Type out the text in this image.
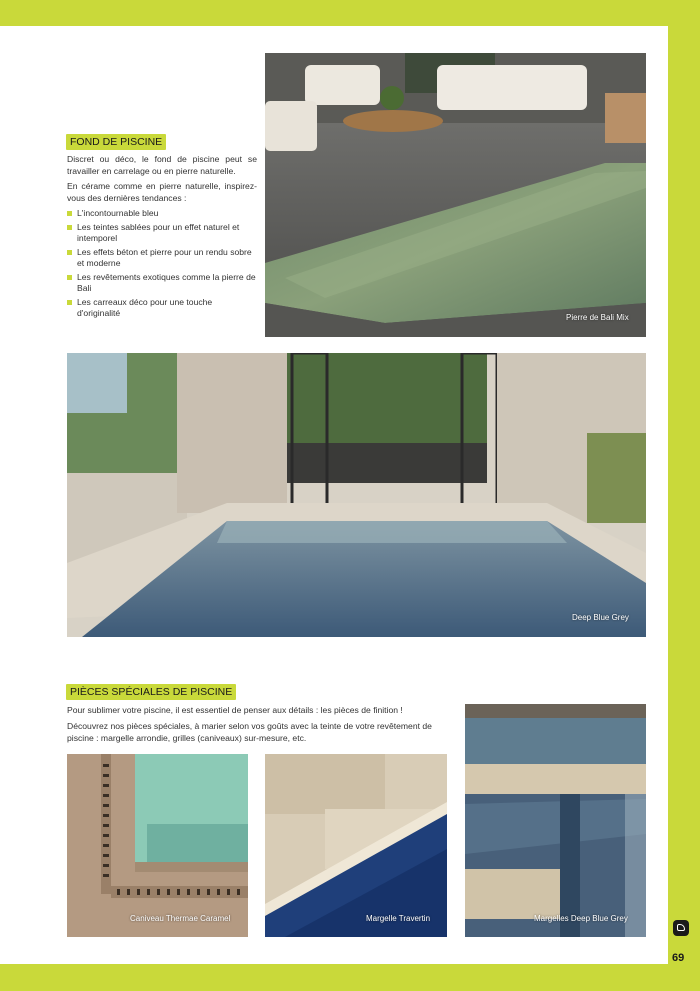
FOND DE PISCINE

Discret ou déco, le fond de piscine peut se travailler en carrelage ou en pierre naturelle.

En cérame comme en pierre naturelle, inspirez-vous des dernières tendances :

L'incontournable bleu
Les teintes sablées pour un effet naturel et intemporel
Les effets béton et pierre pour un rendu sobre et moderne
Les revêtements exotiques comme la pierre de Bali
Les carreaux déco pour une touche d'originalité	Pierre de Bali Mix
Deep Blue Grey
PIÈCES SPÉCIALES DE PISCINE

Pour sublimer votre piscine, il est essentiel de penser aux détails : les pièces de finition !

Découvrez nos pièces spéciales, à marier selon vos goûts avec la teinte de votre revêtement de piscine : margelle arrondie, grilles (caniveaux) sur-mesure, etc.

Caniveau Thermae Caramel	Margelle Travertin	Margelles Deep Blue Grey
69
